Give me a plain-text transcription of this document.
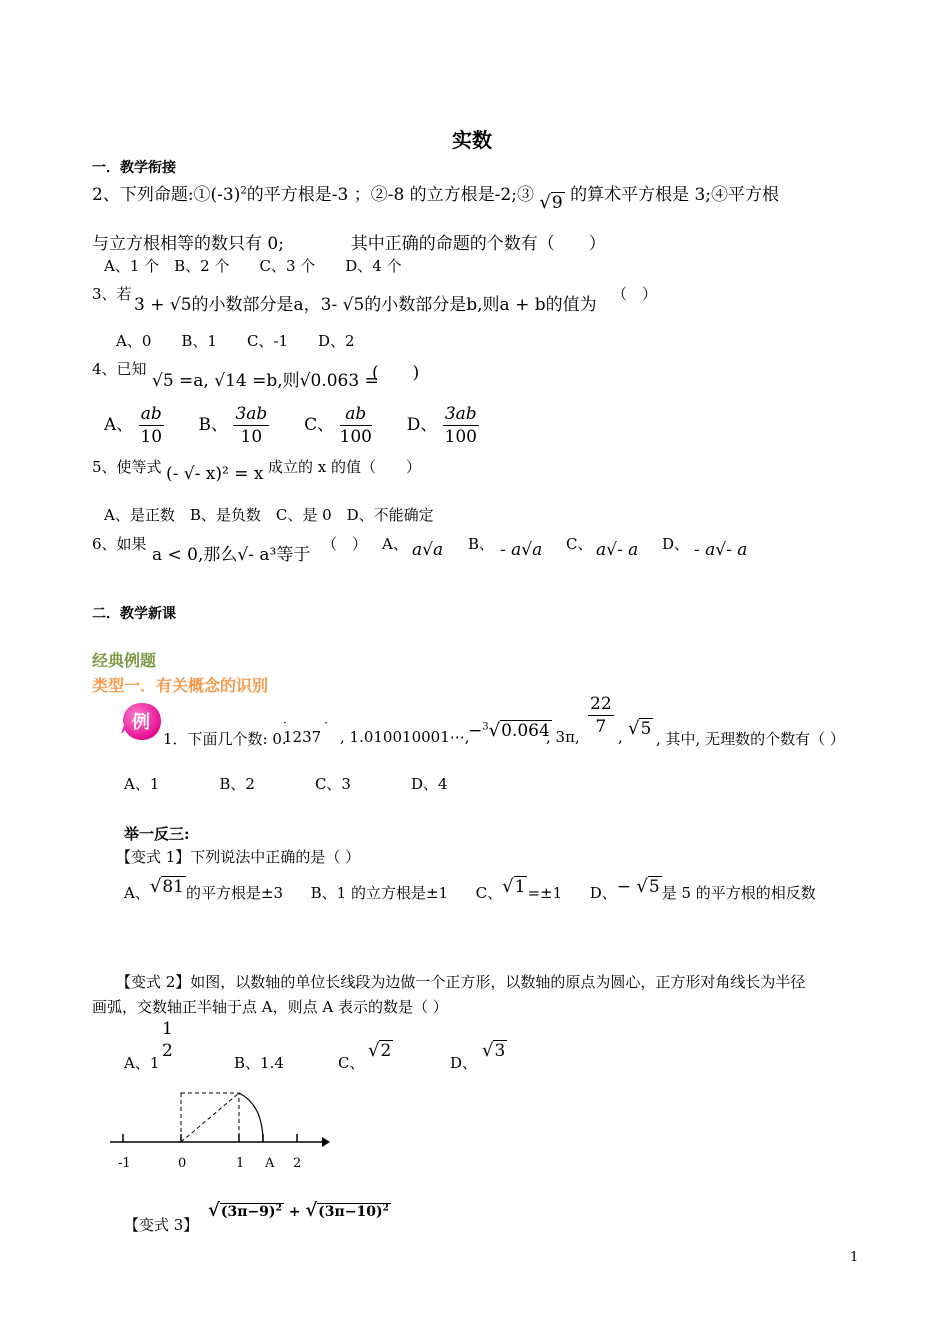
实数
一．教学衔接
2、下列命题$:①(-3)^2$的平方根是-3 ；②-8 的立方根是-2;③ √9 的算术平方根是 3;④平方根
与立方根相等的数只有 0;	其中正确的命题的个数有（　　）
A、1 个　B、2 个　　C、3 个　　D、4 个
3、若
3 + √5的小数部分是a，3- √5的小数部分是b,则a + b的值为
（　）
A、0　　B、1　　C、-1　　D、2
4、已知
√5 =a, √14 =b,则√0.063 =
(　　)
A、 $\frac{ab}{10}$ B、 $\frac{3ab}{10}$ C、 $\frac{ab}{100}$ D、 $\frac{3ab}{100}$
5、使等式 (- √- x)² = x 成立的 x 的值（　　）
A、是正数　B、是负数　C、是 0　D、不能确定
6、如果
a < 0,那么√- a³等于
（　） A、 a√a B、 - a√a C、 a√- a D、 - a√- a
二．教学新课
经典例题
类型一．有关概念的识别
例
1．下面几个数: 0.
1237
·	·
, 1.010010001⋯,
−$^3$√0.064
, 3π, $\frac{22}{7}$ , √5 , 其中, 无理数的个数有（ ）
A、1　　　　B、2　　　　C、3　　　　D、4
举一反三:
【变式 1】下列说法中正确的是（ ）
A、√81 的平方根是±3 B、1 的立方根是±1 C、√1 =±1 D、− √5 是 5 的平方根的相反数
【变式 2】如图，以数轴的单位长线段为边做一个正方形，以数轴的原点为圆心，正方形对角线长为半径
画弧，交数轴正半轴于点 A，则点 A 表示的数是（ ）
A、1
1
2
B、1.4	C、
√2
D、
√3
-1	0	1 A 2
【变式 3】
$√(3\pi-9)^2 + √(3\pi-10)^2$
1
